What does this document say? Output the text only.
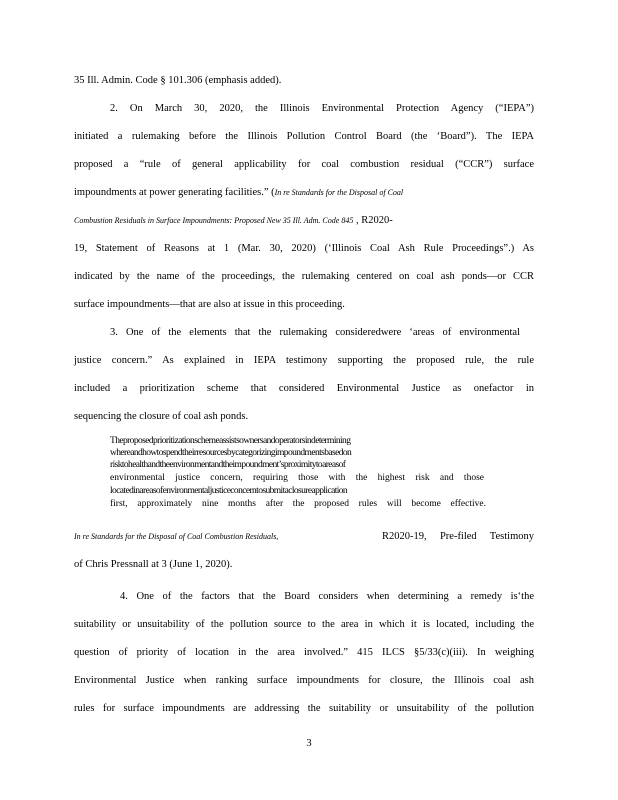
35 Ill. Admin. Code § 101.306 (emphasis added).
2. On March 30, 2020, the Illinois Environmental Protection Agency (“IEPA”)
initiated a rulemaking before the Illinois Pollution Control Board (the ‘Board”). The IEPA
proposed a “rule of general applicability for coal combustion residual (“CCR”) surface
impoundments at power generating facilities.” (In re Standards for the Disposal of Coal
Combustion Residuals in Surface Impoundments: Proposed New 35 Ill. Adm. Code 845 , R2020-
19, Statement of Reasons at 1 (Mar. 30, 2020) (‘Illinois Coal Ash Rule Proceedings”.) As
indicated by the name of the proceedings, the rulemaking centered on coal ash ponds—or CCR
surface impoundments—that are also at issue in this proceeding.
3. One of the elements that the rulemaking consideredwere ‘areas of environmental
justice concern.” As explained in IEPA testimony supporting the proposed rule, the rule
included a prioritization scheme that considered Environmental Justice as onefactor in
sequencing the closure of coal ash ponds.
Theproposedprioritizationschemeassistsownersandoperatorsindetermining
whereandhowtospendtheirresourcesbycategorizingimpoundmentsbasedon
risktohealthandtheenvironmentandtheimpoundment’sproximitytoareasof
environmental justice concern, requiring those with the highest risk and those
locatedinareasofenvironmentaljusticeconcerntosubmitaclosureapplication
first, approximately nine months after the proposed rules will become effective.
In re Standards for the Disposal of Coal Combustion Residuals,	R2020-19, Pre-filed Testimony
of Chris Pressnall at 3 (June 1, 2020).
4. One of the factors that the Board considers when determining a remedy is‘the
suitability or unsuitability of the pollution source to the area in which it is located, including the
question of priority of location in the area involved.” 415 ILCS §5/33(c)(iii). In weighing
Environmental Justice when ranking surface impoundments for closure, the Illinois coal ash
rules for surface impoundments are addressing the suitability or unsuitability of the pollution
3
